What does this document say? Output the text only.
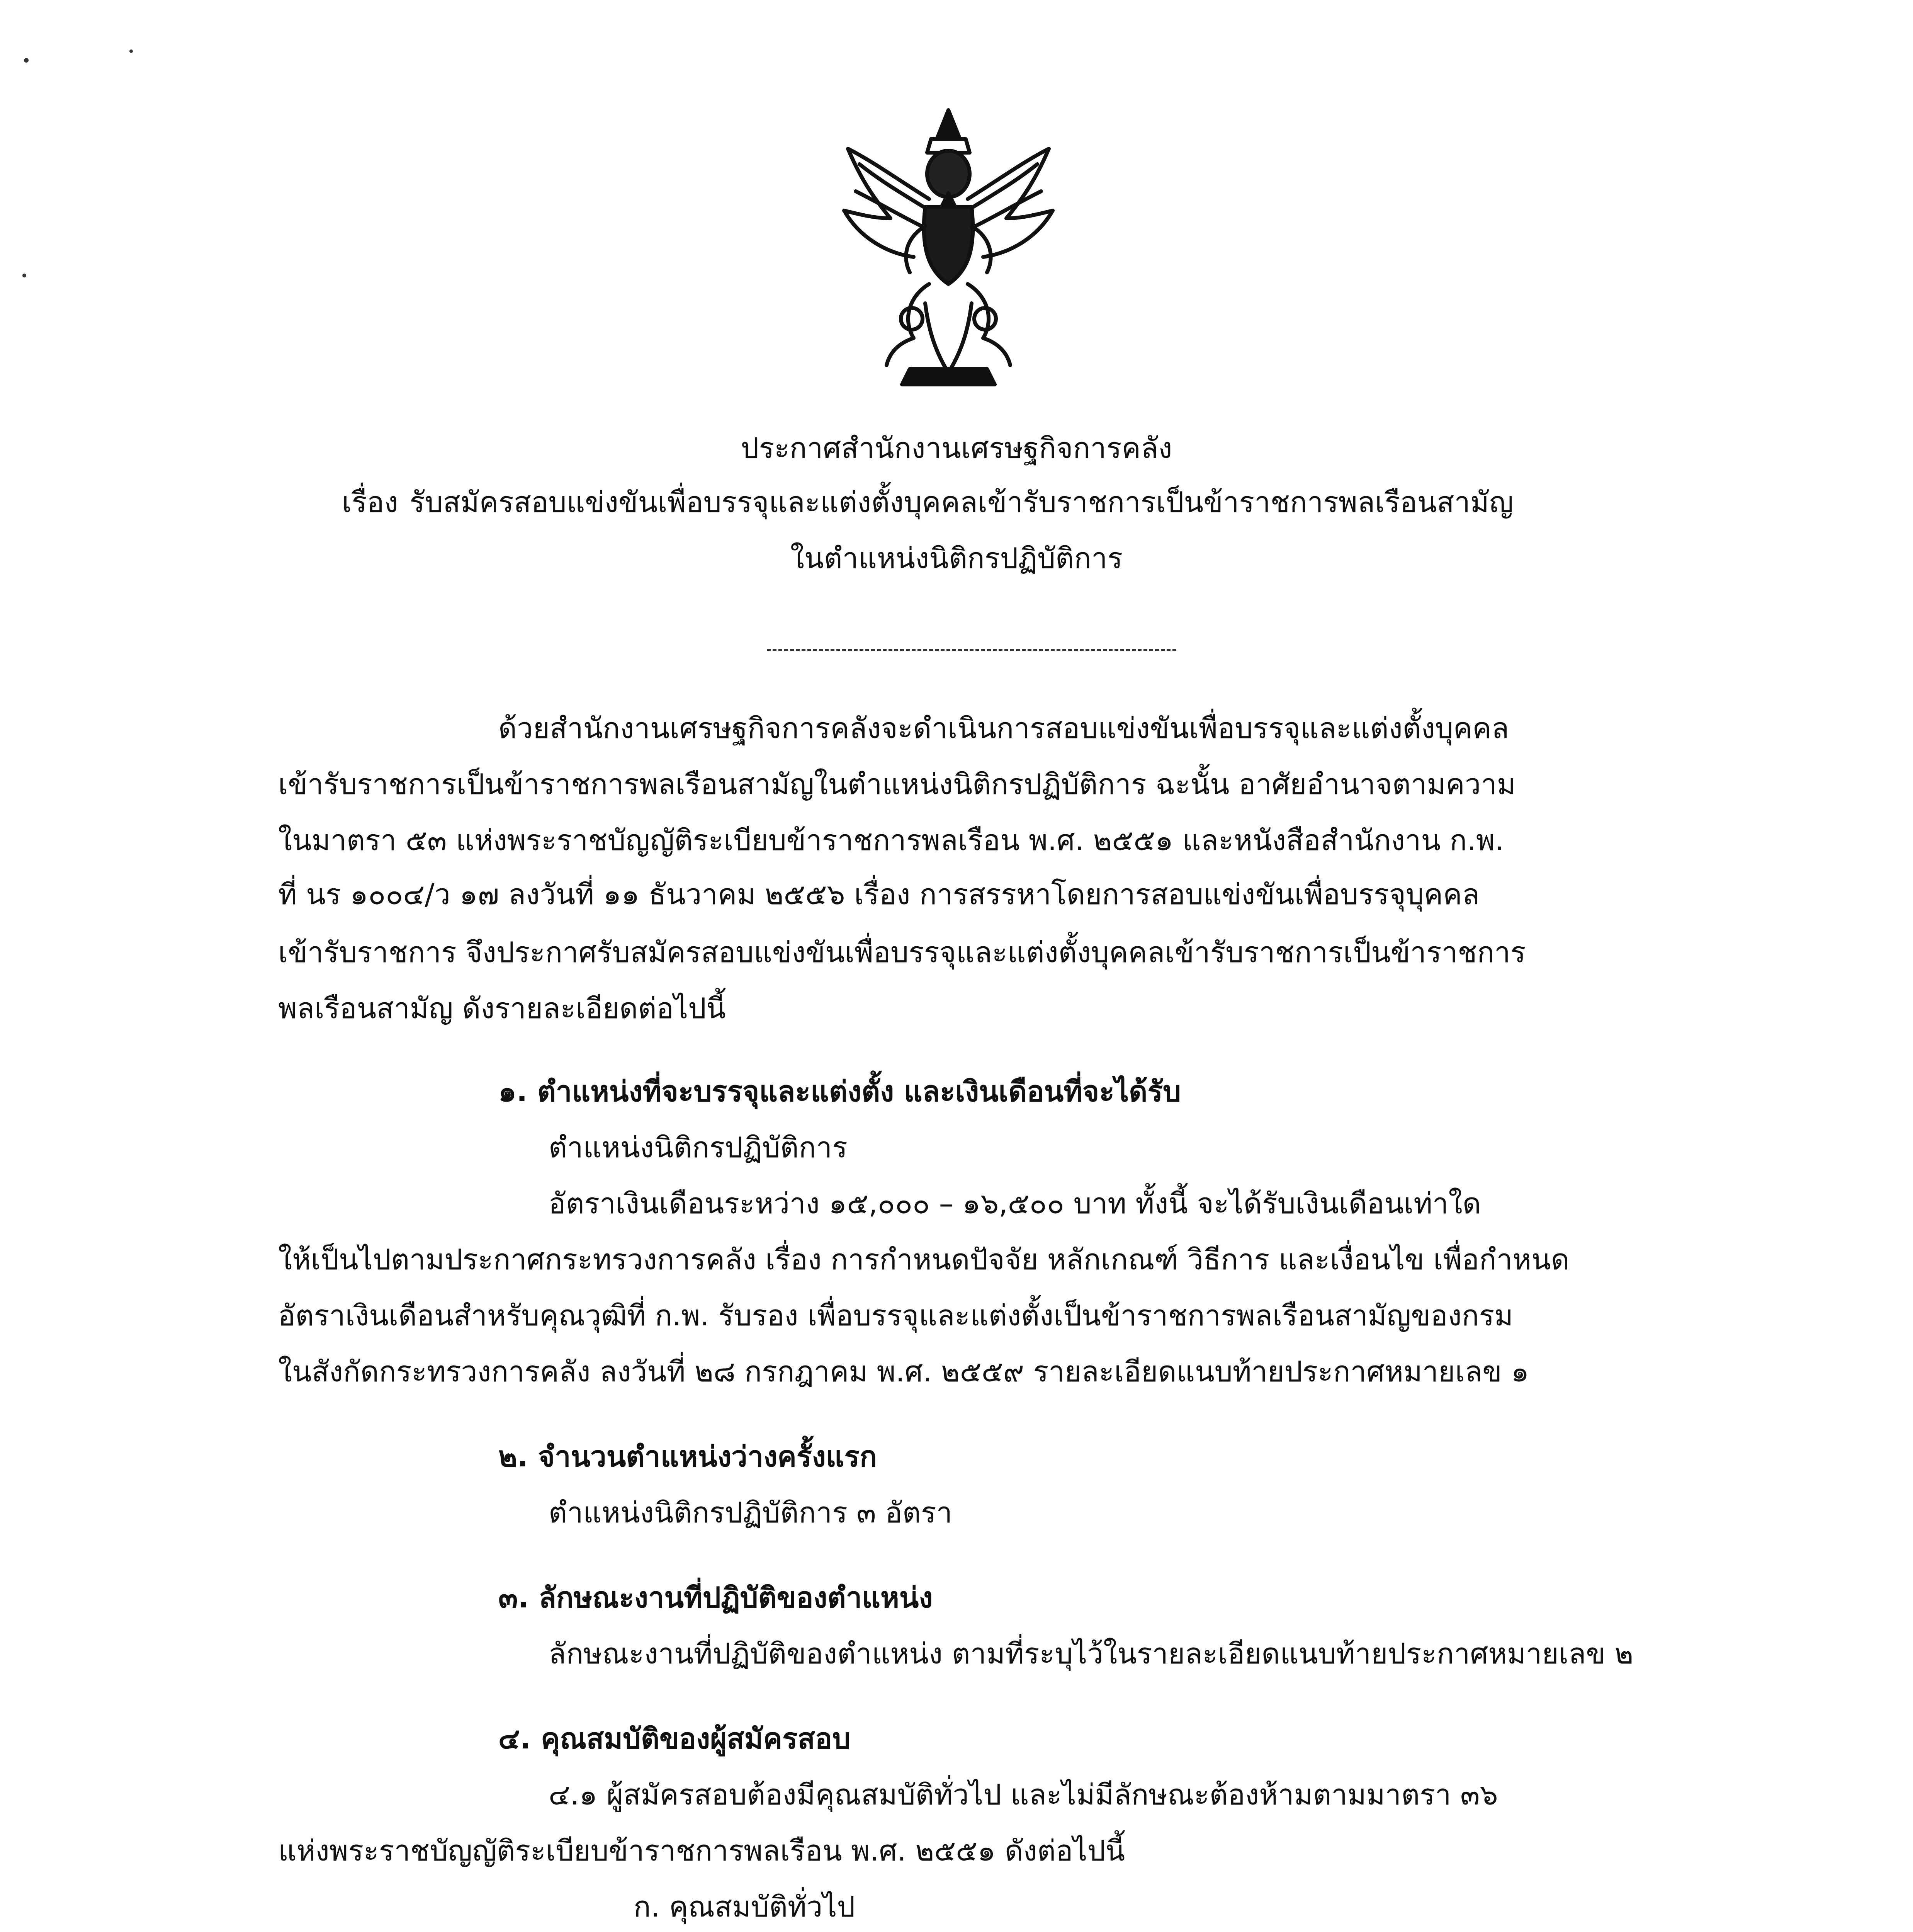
ประกาศสำนักงานเศรษฐกิจการคลัง
เรื่อง รับสมัครสอบแข่งขันเพื่อบรรจุและแต่งตั้งบุคคลเข้ารับราชการเป็นข้าราชการพลเรือนสามัญ
ในตำแหน่งนิติกรปฏิบัติการ
ด้วยสำนักงานเศรษฐกิจการคลังจะดำเนินการสอบแข่งขันเพื่อบรรจุและแต่งตั้งบุคคล
เข้ารับราชการเป็นข้าราชการพลเรือนสามัญในตำแหน่งนิติกรปฏิบัติการ ฉะนั้น อาศัยอำนาจตามความ
ในมาตรา ๕๓ แห่งพระราชบัญญัติระเบียบข้าราชการพลเรือน พ.ศ. ๒๕๕๑ และหนังสือสำนักงาน ก.พ.
ที่ นร ๑๐๐๔/ว ๑๗ ลงวันที่ ๑๑ ธันวาคม ๒๕๕๖ เรื่อง การสรรหาโดยการสอบแข่งขันเพื่อบรรจุบุคคล
เข้ารับราชการ จึงประกาศรับสมัครสอบแข่งขันเพื่อบรรจุและแต่งตั้งบุคคลเข้ารับราชการเป็นข้าราชการ
พลเรือนสามัญ ดังรายละเอียดต่อไปนี้
๑. ตำแหน่งที่จะบรรจุและแต่งตั้ง และเงินเดือนที่จะได้รับ
ตำแหน่งนิติกรปฏิบัติการ
อัตราเงินเดือนระหว่าง ๑๕,๐๐๐ – ๑๖,๕๐๐ บาท ทั้งนี้ จะได้รับเงินเดือนเท่าใด
ให้เป็นไปตามประกาศกระทรวงการคลัง เรื่อง การกำหนดปัจจัย หลักเกณฑ์ วิธีการ และเงื่อนไข เพื่อกำหนด
อัตราเงินเดือนสำหรับคุณวุฒิที่ ก.พ. รับรอง เพื่อบรรจุและแต่งตั้งเป็นข้าราชการพลเรือนสามัญของกรม
ในสังกัดกระทรวงการคลัง ลงวันที่ ๒๘ กรกฎาคม พ.ศ. ๒๕๕๙ รายละเอียดแนบท้ายประกาศหมายเลข ๑
๒. จำนวนตำแหน่งว่างครั้งแรก
ตำแหน่งนิติกรปฏิบัติการ ๓ อัตรา
๓. ลักษณะงานที่ปฏิบัติของตำแหน่ง
ลักษณะงานที่ปฏิบัติของตำแหน่ง ตามที่ระบุไว้ในรายละเอียดแนบท้ายประกาศหมายเลข ๒
๔. คุณสมบัติของผู้สมัครสอบ
๔.๑ ผู้สมัครสอบต้องมีคุณสมบัติทั่วไป และไม่มีลักษณะต้องห้ามตามมาตรา ๓๖
แห่งพระราชบัญญัติระเบียบข้าราชการพลเรือน พ.ศ. ๒๕๕๑ ดังต่อไปนี้
ก. คุณสมบัติทั่วไป
